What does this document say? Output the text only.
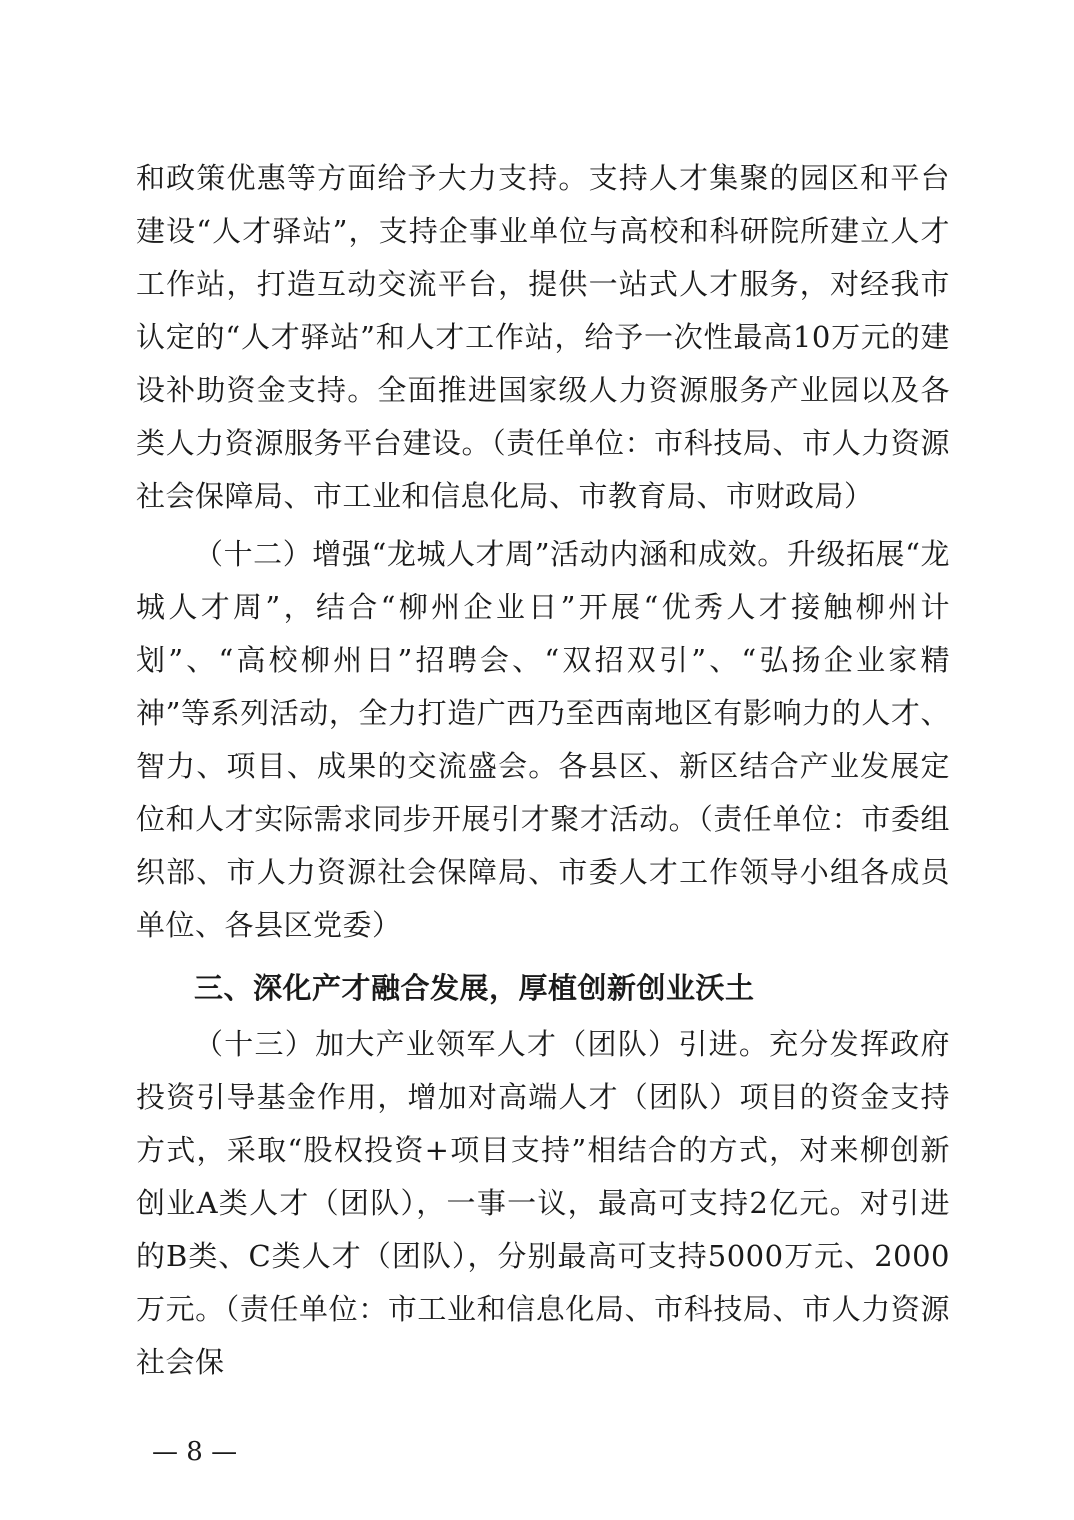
和政策优惠等方面给予大力支持。支持人才集聚的园区和平台建设“人才驿站”，支持企事业单位与高校和科研院所建立人才工作站，打造互动交流平台，提供一站式人才服务，对经我市认定的“人才驿站”和人才工作站，给予一次性最高10万元的建设补助资金支持。全面推进国家级人力资源服务产业园以及各类人力资源服务平台建设。（责任单位：市科技局、市人力资源社会保障局、市工业和信息化局、市教育局、市财政局）

（十二）增强“龙城人才周”活动内涵和成效。升级拓展“龙城人才周”，结合“柳州企业日”开展“优秀人才接触柳州计划”、“高校柳州日”招聘会、“双招双引”、“弘扬企业家精神”等系列活动，全力打造广西乃至西南地区有影响力的人才、智力、项目、成果的交流盛会。各县区、新区结合产业发展定位和人才实际需求同步开展引才聚才活动。（责任单位：市委组织部、市人力资源社会保障局、市委人才工作领导小组各成员单位、各县区党委）

三、深化产才融合发展，厚植创新创业沃土

（十三）加大产业领军人才（团队）引进。充分发挥政府投资引导基金作用，增加对高端人才（团队）项目的资金支持方式，采取“股权投资+项目支持”相结合的方式，对来柳创新创业A类人才（团队），一事一议，最高可支持2亿元。对引进的B类、C类人才（团队），分别最高可支持5000万元、2000万元。（责任单位：市工业和信息化局、市科技局、市人力资源社会保

— 8 —
